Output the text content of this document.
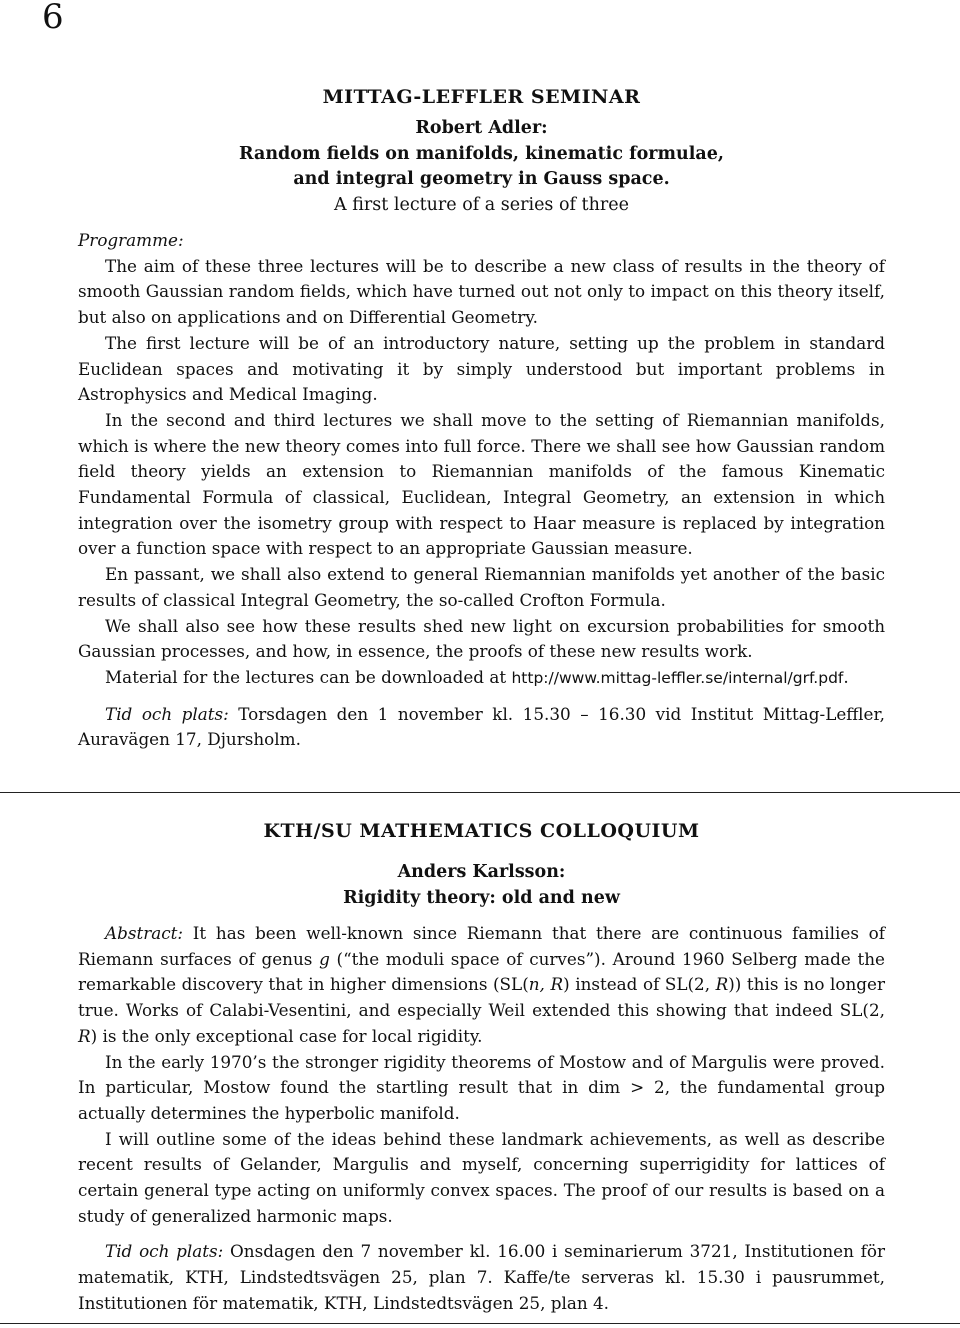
6
MITTAG-LEFFLER SEMINAR
Robert Adler:
Random fields on manifolds, kinematic formulae,
and integral geometry in Gauss space.
A first lecture of a series of three

Programme:

The aim of these three lectures will be to describe a new class of results in the theory of smooth Gaussian random fields, which have turned out not only to impact on this theory itself, but also on applications and on Differential Geometry.

The first lecture will be of an introductory nature, setting up the problem in standard Euclidean spaces and motivating it by simply understood but important problems in Astrophysics and Medical Imaging.

In the second and third lectures we shall move to the setting of Riemannian manifolds, which is where the new theory comes into full force. There we shall see how Gaussian random field theory yields an extension to Riemannian manifolds of the famous Kinematic Fundamental Formula of classical, Euclidean, Integral Geometry, an extension in which integration over the isometry group with respect to Haar measure is replaced by integration over a function space with respect to an appropriate Gaussian measure.

En passant, we shall also extend to general Riemannian manifolds yet another of the basic results of classical Integral Geometry, the so-called Crofton Formula.

We shall also see how these results shed new light on excursion probabilities for smooth Gaussian processes, and how, in essence, the proofs of these new results work.

Material for the lectures can be downloaded at http://www.mittag-leffler.se/internal/grf.pdf.

Tid och plats: Torsdagen den 1 november kl. 15.30 – 16.30 vid Institut Mittag-Leffler, Auravägen 17, Djursholm.

KTH/SU MATHEMATICS COLLOQUIUM
Anders Karlsson:
Rigidity theory: old and new

Abstract: It has been well-known since Riemann that there are continuous families of Riemann surfaces of genus g (“the moduli space of curves”). Around 1960 Selberg made the remarkable discovery that in higher dimensions (SL(n, R) instead of SL(2, R)) this is no longer true. Works of Calabi-Vesentini, and especially Weil extended this showing that indeed SL(2, R) is the only exceptional case for local rigidity.

In the early 1970’s the stronger rigidity theorems of Mostow and of Margulis were proved. In particular, Mostow found the startling result that in dim > 2, the fundamental group actually determines the hyperbolic manifold.

I will outline some of the ideas behind these landmark achievements, as well as describe recent results of Gelander, Margulis and myself, concerning superrigidity for lattices of certain general type acting on uniformly convex spaces. The proof of our results is based on a study of generalized harmonic maps.

Tid och plats: Onsdagen den 7 november kl. 16.00 i seminarierum 3721, Institutionen för matematik, KTH, Lindstedtsvägen 25, plan 7. Kaffe/te serveras kl. 15.30 i pausrummet, Institutionen för matematik, KTH, Lindstedtsvägen 25, plan 4.
